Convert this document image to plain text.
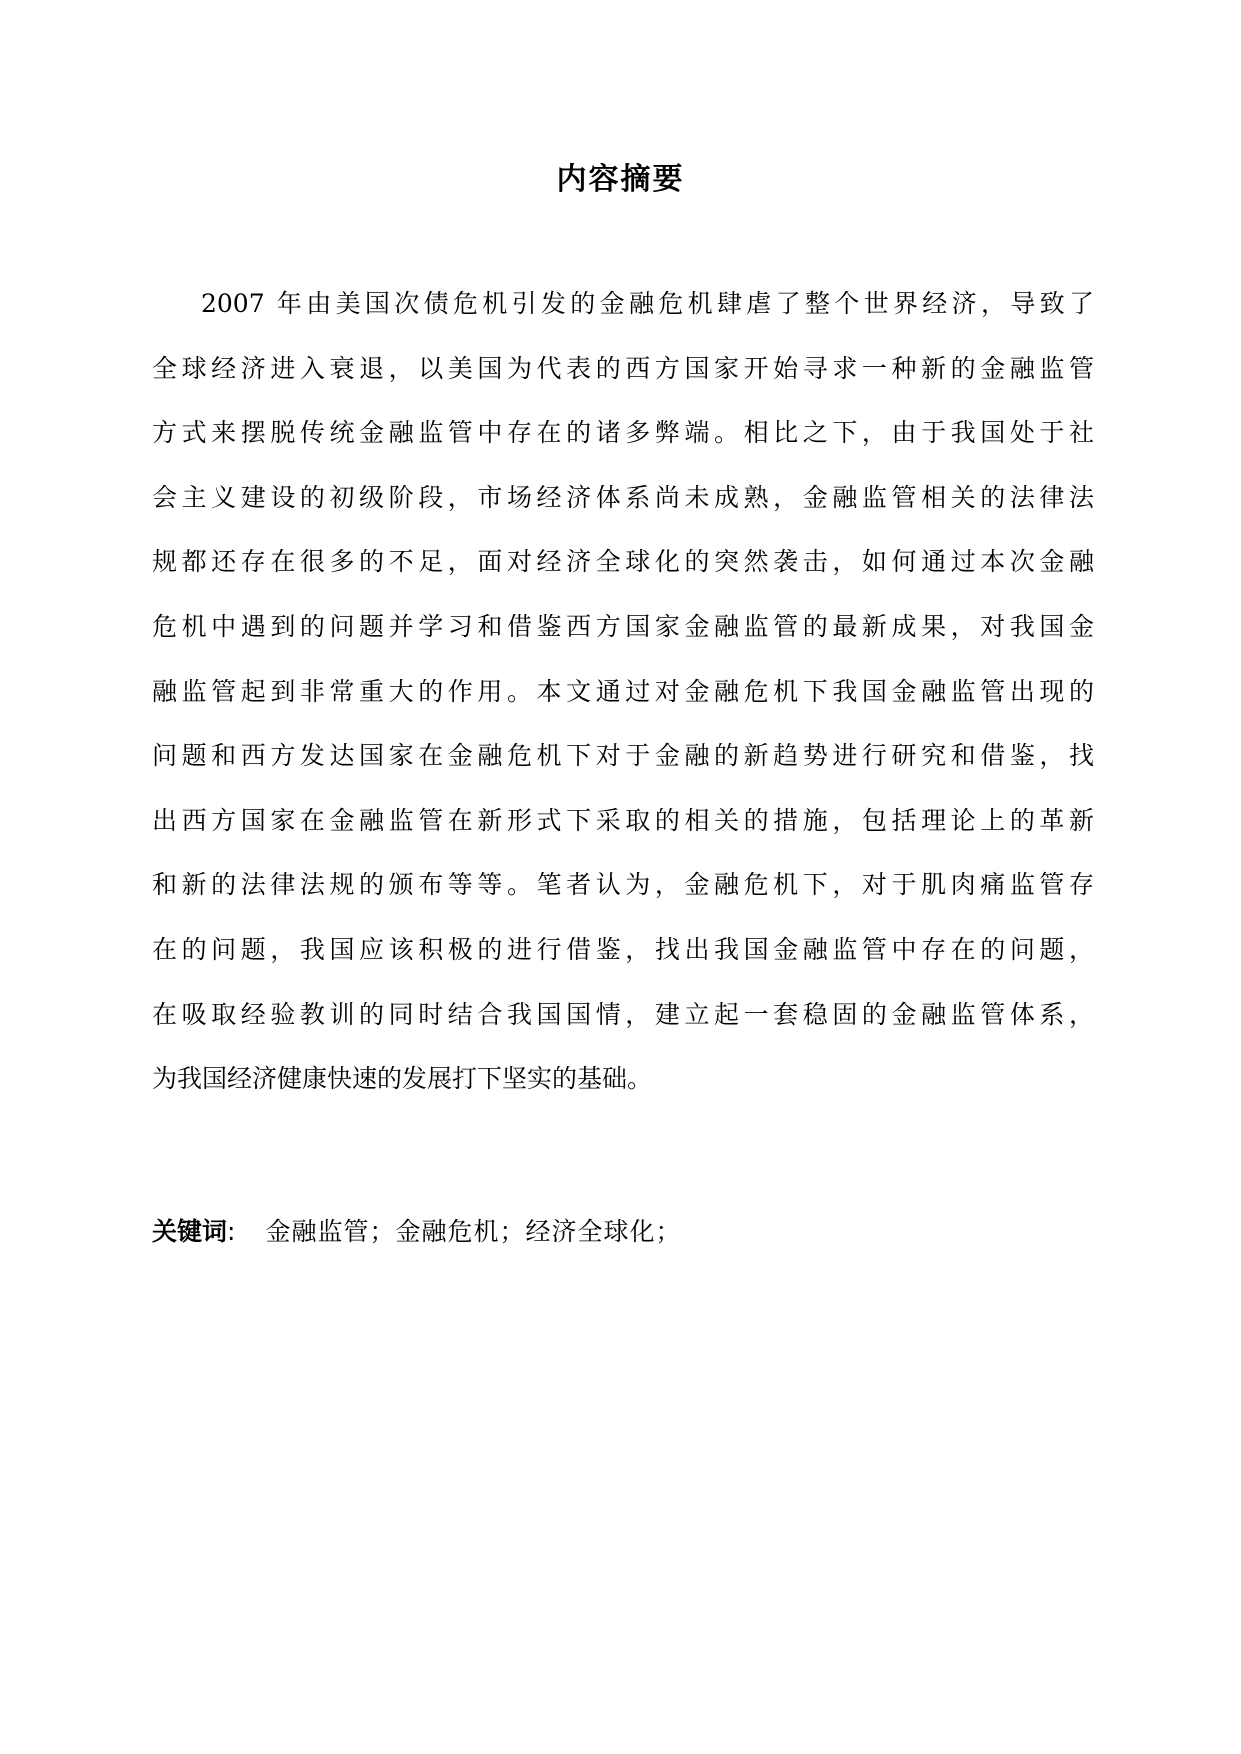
内容摘要
2007 年由美国次债危机引发的金融危机肆虐了整个世界经济，导致了
全球经济进入衰退，以美国为代表的西方国家开始寻求一种新的金融监管
方式来摆脱传统金融监管中存在的诸多弊端。相比之下，由于我国处于社
会主义建设的初级阶段，市场经济体系尚未成熟，金融监管相关的法律法
规都还存在很多的不足，面对经济全球化的突然袭击，如何通过本次金融
危机中遇到的问题并学习和借鉴西方国家金融监管的最新成果，对我国金
融监管起到非常重大的作用。本文通过对金融危机下我国金融监管出现的
问题和西方发达国家在金融危机下对于金融的新趋势进行研究和借鉴，找
出西方国家在金融监管在新形式下采取的相关的措施，包括理论上的革新
和新的法律法规的颁布等等。笔者认为，金融危机下，对于肌肉痛监管存
在的问题，我国应该积极的进行借鉴，找出我国金融监管中存在的问题，
在吸取经验教训的同时结合我国国情，建立起一套稳固的金融监管体系，
为我国经济健康快速的发展打下坚实的基础。
关键词: 金融监管；金融危机；经济全球化；
